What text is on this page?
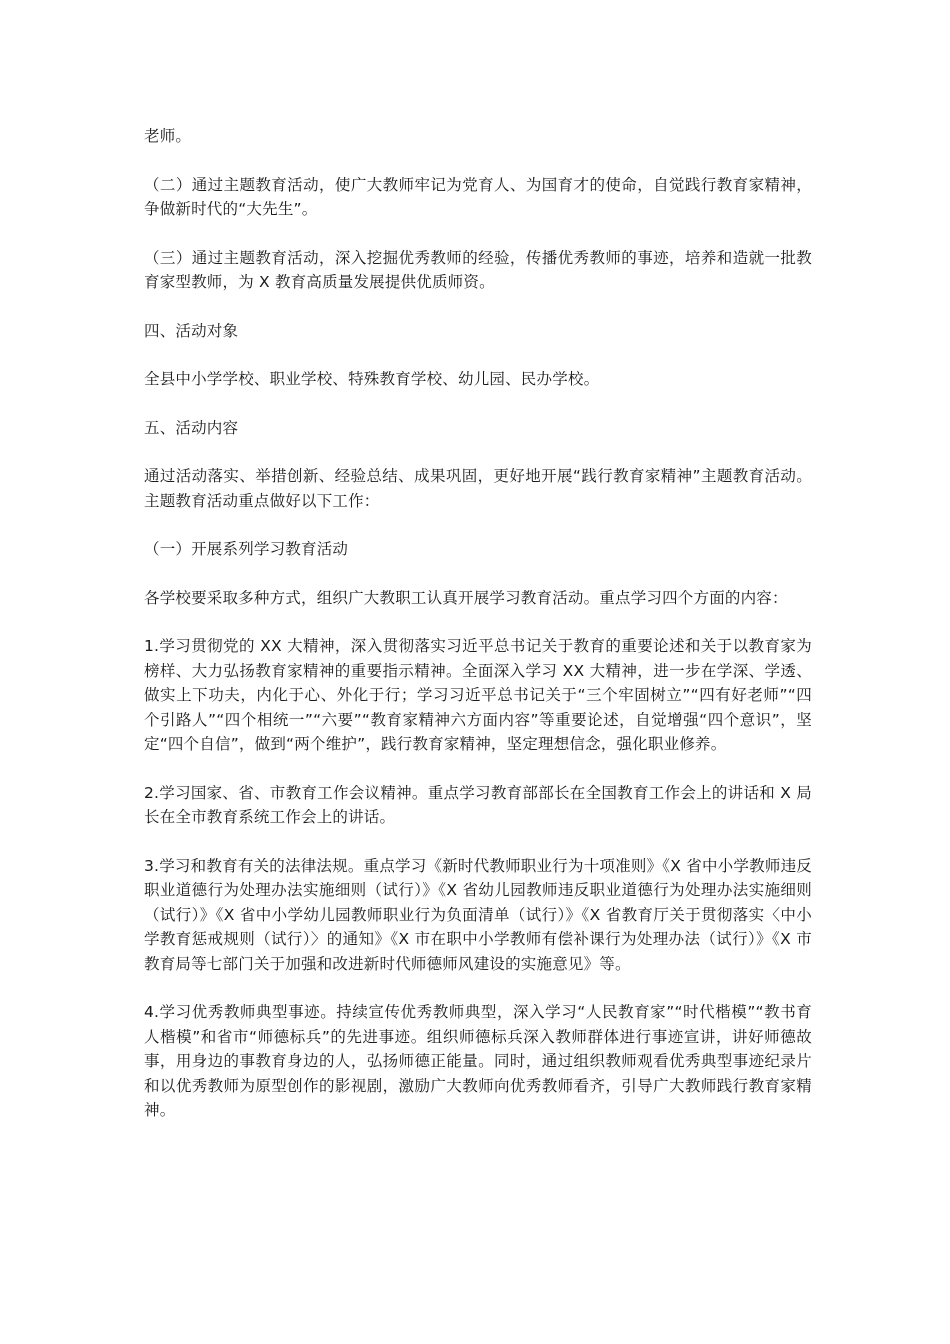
老师。

（二）通过主题教育活动，使广大教师牢记为党育人、为国育才的使命，自觉践行教育家精神，争做新时代的“大先生”。

（三）通过主题教育活动，深入挖掘优秀教师的经验，传播优秀教师的事迹，培养和造就一批教育家型教师，为 X 教育高质量发展提供优质师资。

四、活动对象

全县中小学学校、职业学校、特殊教育学校、幼儿园、民办学校。

五、活动内容

通过活动落实、举措创新、经验总结、成果巩固，更好地开展“践行教育家精神”主题教育活动。主题教育活动重点做好以下工作：

（一）开展系列学习教育活动

各学校要采取多种方式，组织广大教职工认真开展学习教育活动。重点学习四个方面的内容：

1.学习贯彻党的 XX 大精神，深入贯彻落实习近平总书记关于教育的重要论述和关于以教育家为榜样、大力弘扬教育家精神的重要指示精神。全面深入学习 XX 大精神，进一步在学深、学透、做实上下功夫，内化于心、外化于行；学习习近平总书记关于“三个牢固树立”“四有好老师”“四个引路人”“四个相统一”“六要”“教育家精神六方面内容”等重要论述，自觉增强“四个意识”，坚定“四个自信”，做到“两个维护”，践行教育家精神，坚定理想信念，强化职业修养。

2.学习国家、省、市教育工作会议精神。重点学习教育部部长在全国教育工作会上的讲话和 X 局长在全市教育系统工作会上的讲话。

3.学习和教育有关的法律法规。重点学习《新时代教师职业行为十项准则》《X 省中小学教师违反职业道德行为处理办法实施细则（试行）》《X 省幼儿园教师违反职业道德行为处理办法实施细则（试行）》《X 省中小学幼儿园教师职业行为负面清单（试行）》《X 省教育厅关于贯彻落实〈中小学教育惩戒规则（试行）〉的通知》《X 市在职中小学教师有偿补课行为处理办法（试行）》《X 市教育局等七部门关于加强和改进新时代师德师风建设的实施意见》等。

4.学习优秀教师典型事迹。持续宣传优秀教师典型，深入学习“人民教育家”“时代楷模”“教书育人楷模”和省市“师德标兵”的先进事迹。组织师德标兵深入教师群体进行事迹宣讲，讲好师德故事，用身边的事教育身边的人，弘扬师德正能量。同时，通过组织教师观看优秀典型事迹纪录片和以优秀教师为原型创作的影视剧，激励广大教师向优秀教师看齐，引导广大教师践行教育家精神。
